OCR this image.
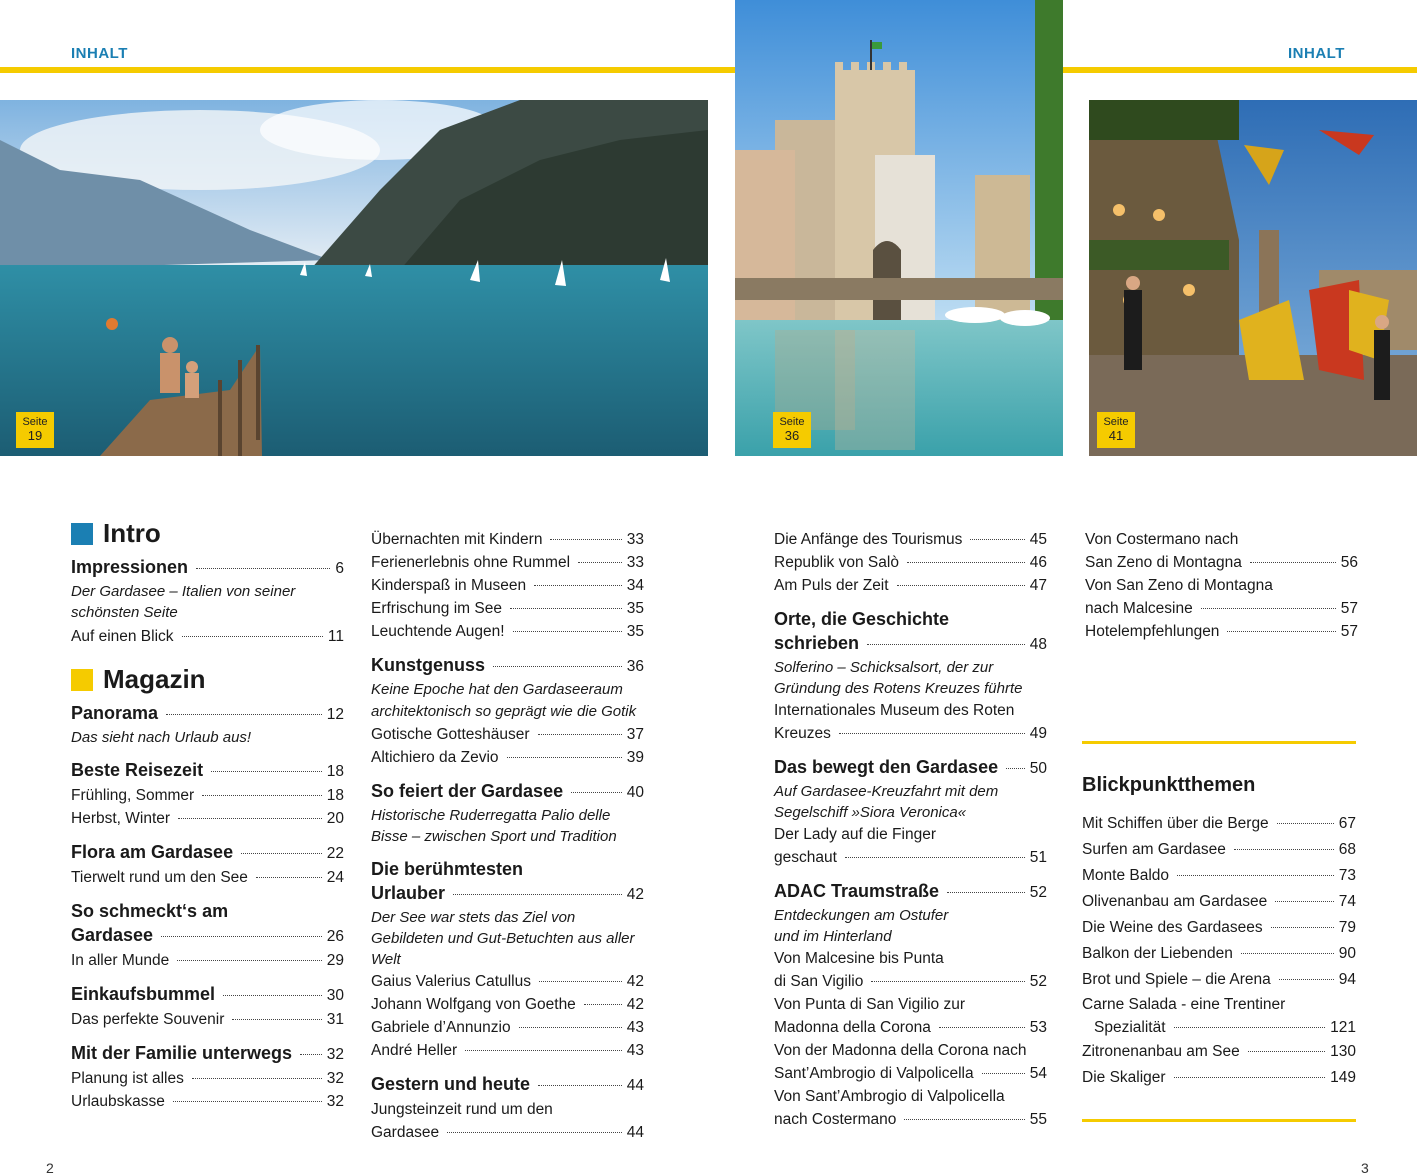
INHALT	INHALT
Seite
19
Seite
36
Seite
41
Intro
Impressionen	6
Der Gardasee – Italien von seiner schönsten Seite
Auf einen Blick	11
Magazin
Panorama	12
Das sieht nach Urlaub aus!
Beste Reisezeit	18
Frühling, Sommer	18
Herbst, Winter	20
Flora am Gardasee	22
Tierwelt rund um den See	24
So schmeckt‘s am
Gardasee	26
In aller Munde	29
Einkaufsbummel	30
Das perfekte Souvenir	31
Mit der Familie unterwegs 32
Planung ist alles	32
Urlaubskasse	32
Übernachten mit Kindern	33
Ferienerlebnis ohne Rummel	33
Kinderspaß in Museen	34
Erfrischung im See	35
Leuchtende Augen!	35
Kunstgenuss	36
Keine Epoche hat den Gardaseeraum architektonisch so geprägt wie die Gotik
Gotische Gotteshäuser	37
Altichiero da Zevio	39
So feiert der Gardasee	40
Historische Ruderregatta Palio delle Bisse – zwischen Sport und Tradition
Die berühmtesten
Urlauber	42
Der See war stets das Ziel von Gebildeten und Gut-Betuchten aus aller Welt
Gaius Valerius Catullus	42
Johann Wolfgang von Goethe	42
Gabriele d’Annunzio	43
André Heller	43
Gestern und heute	44
Jungsteinzeit rund um den
Gardasee	44
Die Anfänge des Tourismus	45
Republik von Salò	46
Am Puls der Zeit	47
Orte, die Geschichte
schrieben	48
Solferino – Schicksalsort, der zur Gründung des Rotens Kreuzes führte
Internationales Museum des Roten
Kreuzes	49
Das bewegt den Gardasee 50
Auf Gardasee-Kreuzfahrt mit dem Segelschiff »Siora Veronica«
Der Lady auf die Finger
geschaut	51
ADAC Traumstraße	52
Entdeckungen am Ostufer und im Hinterland
Von Malcesine bis Punta
di San Vigilio	52
Von Punta di San Vigilio zur
Madonna della Corona	53
Von der Madonna della Corona nach
Sant’Ambrogio di Valpolicella	54
Von Sant’Ambrogio di Valpolicella
nach Costermano	55
Von Costermano nach
San Zeno di Montagna	56
Von San Zeno di Montagna
nach Malcesine	57
Hotelempfehlungen	57
Blickpunktthemen
Mit Schiffen über die Berge	67
Surfen am Gardasee	68
Monte Baldo	73
Olivenanbau am Gardasee	74
Die Weine des Gardasees	79
Balkon der Liebenden	90
Brot und Spiele – die Arena	94
Carne Salada - eine Trentiner
Spezialität	121
Zitronenanbau am See	130
Die Skaliger	149
2	3
